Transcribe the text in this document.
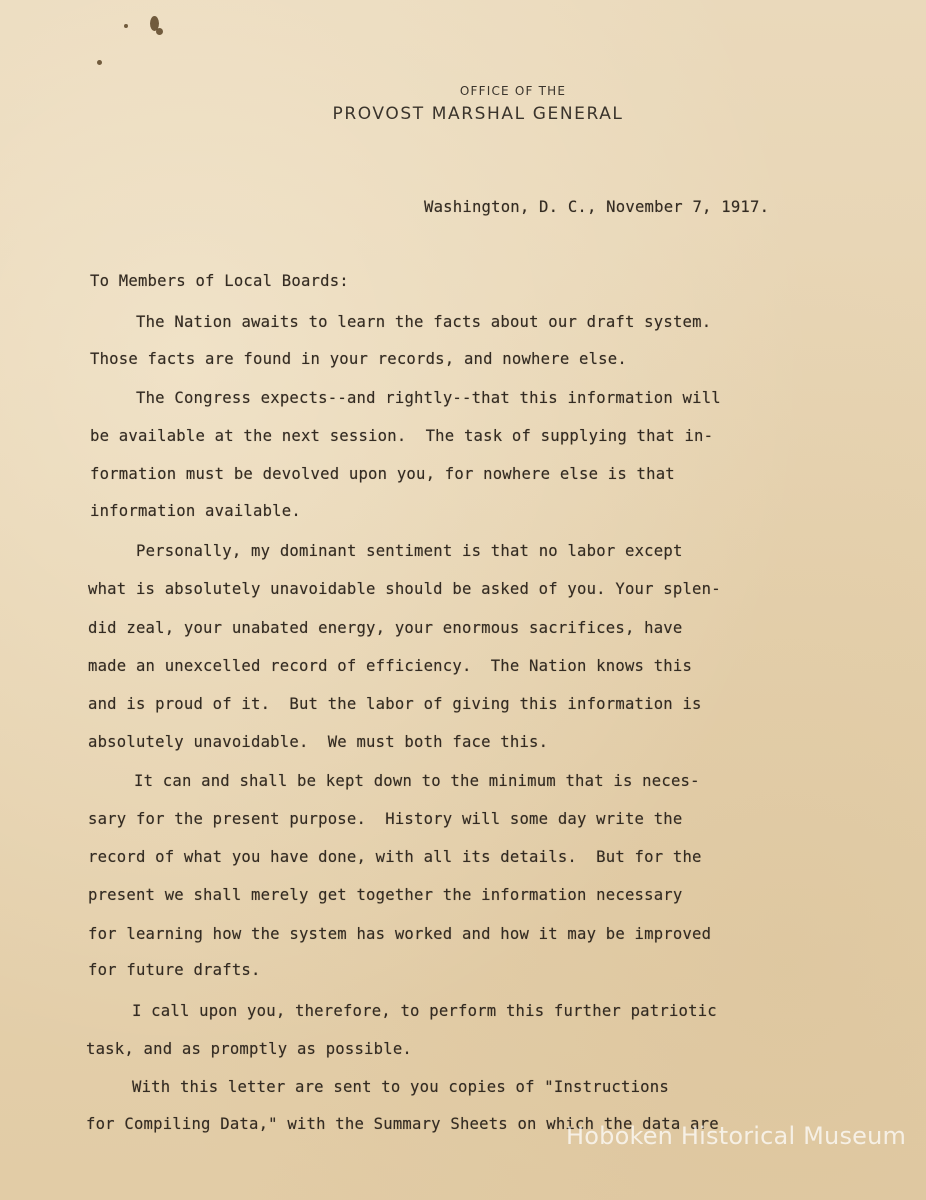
OFFICE OF THE
PROVOST MARSHAL GENERAL
Washington, D. C., November 7, 1917.
To Members of Local Boards:
The Nation awaits to learn the facts about our draft system.
Those facts are found in your records, and nowhere else.
The Congress expects--and rightly--that this information will
be available at the next session.  The task of supplying that in-
formation must be devolved upon you, for nowhere else is that
information available.
Personally, my dominant sentiment is that no labor except
what is absolutely unavoidable should be asked of you. Your splen-
did zeal, your unabated energy, your enormous sacrifices, have
made an unexcelled record of efficiency.  The Nation knows this
and is proud of it.  But the labor of giving this information is
absolutely unavoidable.  We must both face this.
It can and shall be kept down to the minimum that is neces-
sary for the present purpose.  History will some day write the
record of what you have done, with all its details.  But for the
present we shall merely get together the information necessary
for learning how the system has worked and how it may be improved
for future drafts.
I call upon you, therefore, to perform this further patriotic
task, and as promptly as possible.
With this letter are sent to you copies of "Instructions
for Compiling Data," with the Summary Sheets on which the data are
Hoboken Historical Museum
